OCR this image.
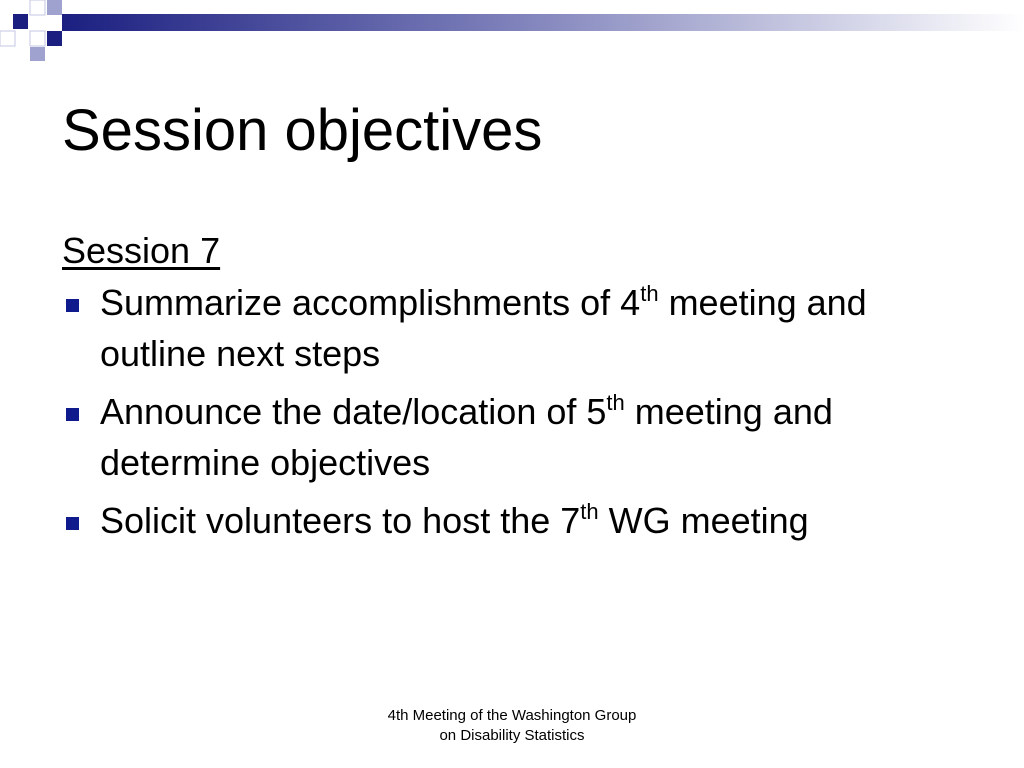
Session objectives
Session 7
Summarize accomplishments of 4th meeting and outline next steps
Announce the date/location of 5th meeting and determine objectives
Solicit volunteers to host the 7th WG meeting
4th Meeting of the Washington Group
on Disability Statistics
